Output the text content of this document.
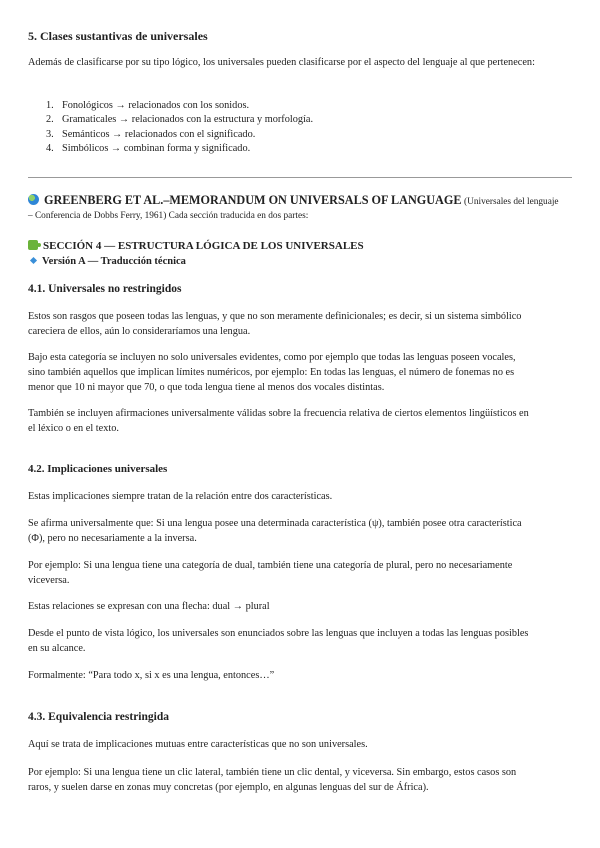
5. Clases sustantivas de universales
Además de clasificarse por su tipo lógico, los universales pueden clasificarse por el aspecto del lenguaje al que pertenecen:
1. Fonológicos → relacionados con los sonidos.
2. Gramaticales → relacionados con la estructura y morfología.
3. Semánticos → relacionados con el significado.
4. Simbólicos → combinan forma y significado.
GREENBERG ET AL.–MEMORANDUM ON UNIVERSALS OF LANGUAGE (Universales del lenguaje
– Conferencia de Dobbs Ferry, 1961) Cada sección traducida en dos partes:
SECCIÓN 4 — ESTRUCTURA LÓGICA DE LOS UNIVERSALES
Versión A — Traducción técnica
4.1. Universales no restringidos
Estos son rasgos que poseen todas las lenguas, y que no son meramente definicionales; es decir, si un sistema simbólico
careciera de ellos, aún lo consideraríamos una lengua.
Bajo esta categoría se incluyen no solo universales evidentes, como por ejemplo que todas las lenguas poseen vocales,
sino también aquellos que implican límites numéricos, por ejemplo: En todas las lenguas, el número de fonemas no es
menor que 10 ni mayor que 70, o que toda lengua tiene al menos dos vocales distintas.
También se incluyen afirmaciones universalmente válidas sobre la frecuencia relativa de ciertos elementos lingüísticos en
el léxico o en el texto.
4.2. Implicaciones universales
Estas implicaciones siempre tratan de la relación entre dos características.
Se afirma universalmente que: Si una lengua posee una determinada característica (ψ), también posee otra característica
(Φ), pero no necesariamente a la inversa.
Por ejemplo: Si una lengua tiene una categoría de dual, también tiene una categoría de plural, pero no necesariamente
viceversa.
Estas relaciones se expresan con una flecha: dual → plural
Desde el punto de vista lógico, los universales son enunciados sobre las lenguas que incluyen a todas las lenguas posibles
en su alcance.
Formalmente: “Para todo x, si x es una lengua, entonces…”
4.3. Equivalencia restringida
Aquí se trata de implicaciones mutuas entre características que no son universales.
Por ejemplo: Si una lengua tiene un clic lateral, también tiene un clic dental, y viceversa. Sin embargo, estos casos son
raros, y suelen darse en zonas muy concretas (por ejemplo, en algunas lenguas del sur de África).
